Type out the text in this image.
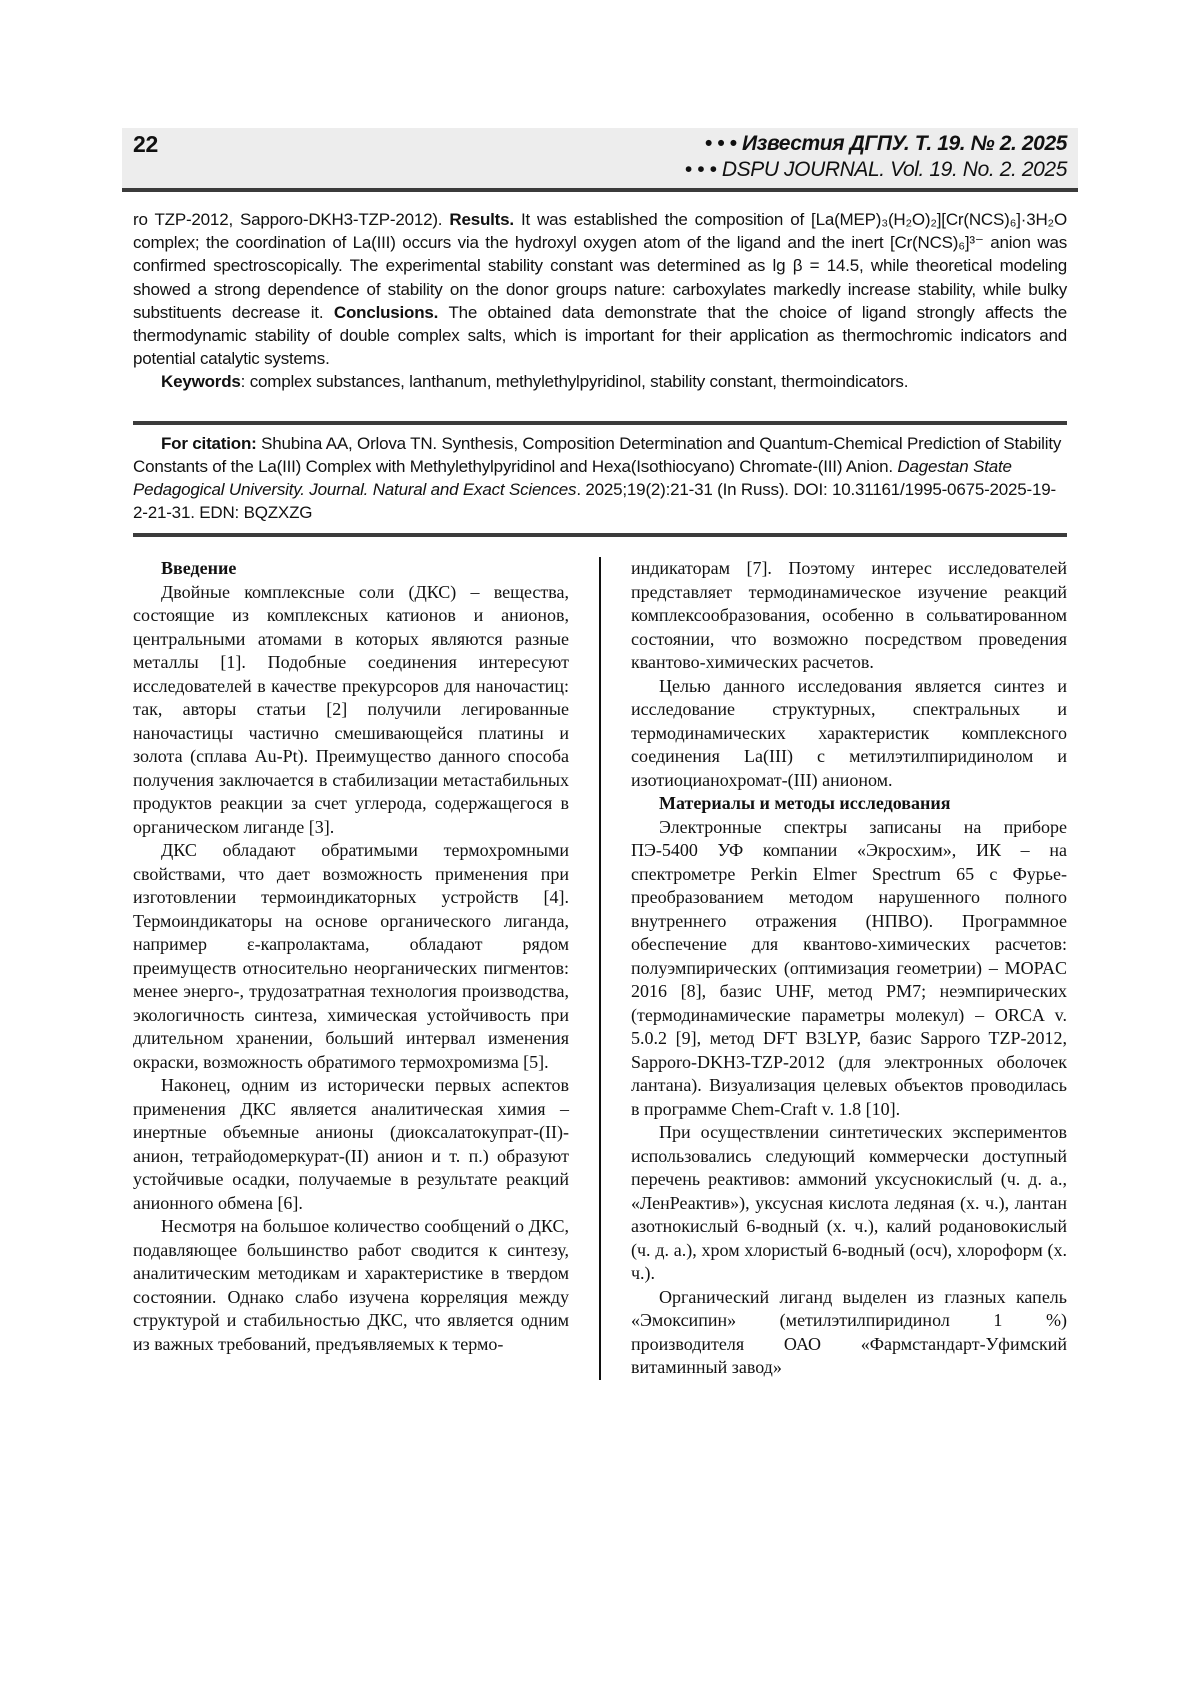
22	• • • Известия ДГПУ. Т. 19. № 2. 2025
• • • DSPU JOURNAL. Vol. 19. No. 2. 2025

ro TZP-2012, Sapporo-DKH3-TZP-2012). Results. It was established the composition of [La(MEP)₃(H₂O)₂][Cr(NCS)₆]·3H₂O complex; the coordination of La(III) occurs via the hydroxyl oxygen atom of the ligand and the inert [Cr(NCS)₆]³⁻ anion was confirmed spectroscopically. The experimental stability constant was determined as lg β = 14.5, while theoretical modeling showed a strong dependence of stability on the donor groups nature: carboxylates markedly increase stability, while bulky substituents decrease it. Conclusions. The obtained data demonstrate that the choice of ligand strongly affects the thermodynamic stability of double complex salts, which is important for their application as thermochromic indicators and potential catalytic systems.

Keywords: complex substances, lanthanum, methylethylpyridinol, stability constant, thermoindicators.

For citation: Shubina AA, Orlova TN. Synthesis, Composition Determination and Quantum-Chemical Prediction of Stability Constants of the La(III) Complex with Methylethylpyridinol and Hexa(Isothiocyano) Chromate-(III) Anion. Dagestan State Pedagogical University. Journal. Natural and Exact Sciences. 2025;19(2):21-31 (In Russ). DOI: 10.31161/1995-0675-2025-19-2-21-31. EDN: BQZXZG

Введение

Двойные комплексные соли (ДКС) – вещества, состоящие из комплексных катионов и анионов, центральными атомами в которых являются разные металлы [1]. Подобные соединения интересуют исследователей в качестве прекурсоров для наночастиц: так, авторы статьи [2] получили легированные наночастицы частично смешивающейся платины и золота (сплава Au-Pt). Преимущество данного способа получения заключается в стабилизации метастабильных продуктов реакции за счет углерода, содержащегося в органическом лиганде [3].

ДКС обладают обратимыми термохромными свойствами, что дает возможность применения при изготовлении термоиндикаторных устройств [4]. Термоиндикаторы на основе органического лиганда, например ε-капролактама, обладают рядом преимуществ относительно неорганических пигментов: менее энерго-, трудозатратная технология производства, экологичность синтеза, химическая устойчивость при длительном хранении, больший интервал изменения окраски, возможность обратимого термохромизма [5].

Наконец, одним из исторически первых аспектов применения ДКС является аналитическая химия – инертные объемные анионы (диоксалатокупрат-(II)-анион, тетрайодомеркурат-(II) анион и т. п.) образуют устойчивые осадки, получаемые в результате реакций анионного обмена [6].

Несмотря на большое количество сообщений о ДКС, подавляющее большинство работ сводится к синтезу, аналитическим методикам и характеристике в твердом состоянии. Однако слабо изучена корреляция между структурой и стабильностью ДКС, что является одним из важных требований, предъявляемых к термо-

индикаторам [7]. Поэтому интерес исследователей представляет термодинамическое изучение реакций комплексообразования, особенно в сольватированном состоянии, что возможно посредством проведения квантово-химических расчетов.

Целью данного исследования является синтез и исследование структурных, спектральных и термодинамических характеристик комплексного соединения La(III) с метилэтилпиридинолом и изотиоцианохромат-(III) анионом.

Материалы и методы исследования

Электронные спектры записаны на приборе ПЭ-5400 УФ компании «Экросхим», ИК – на спектрометре Perkin Elmer Spectrum 65 с Фурье-преобразованием методом нарушенного полного внутреннего отражения (НПВО). Программное обеспечение для квантово-химических расчетов: полуэмпирических (оптимизация геометрии) – MOPAC 2016 [8], базис UHF, метод PM7; неэмпирических (термодинамические параметры молекул) – ORCA v. 5.0.2 [9], метод DFT B3LYP, базис Sapporo TZP-2012, Sapporo-DKH3-TZP-2012 (для электронных оболочек лантана). Визуализация целевых объектов проводилась в программе Chem-Craft v. 1.8 [10].

При осуществлении синтетических экспериментов использовались следующий коммерчески доступный перечень реактивов: аммоний уксуснокислый (ч. д. а., «ЛенРеактив»), уксусная кислота ледяная (х. ч.), лантан азотнокислый 6-водный (х. ч.), калий родановокислый (ч. д. а.), хром хлористый 6-водный (осч), хлороформ (х. ч.).

Органический лиганд выделен из глазных капель «Эмоксипин» (метилэтилпиридинол 1 %) производителя ОАО «Фармстандарт-Уфимский витаминный завод»
